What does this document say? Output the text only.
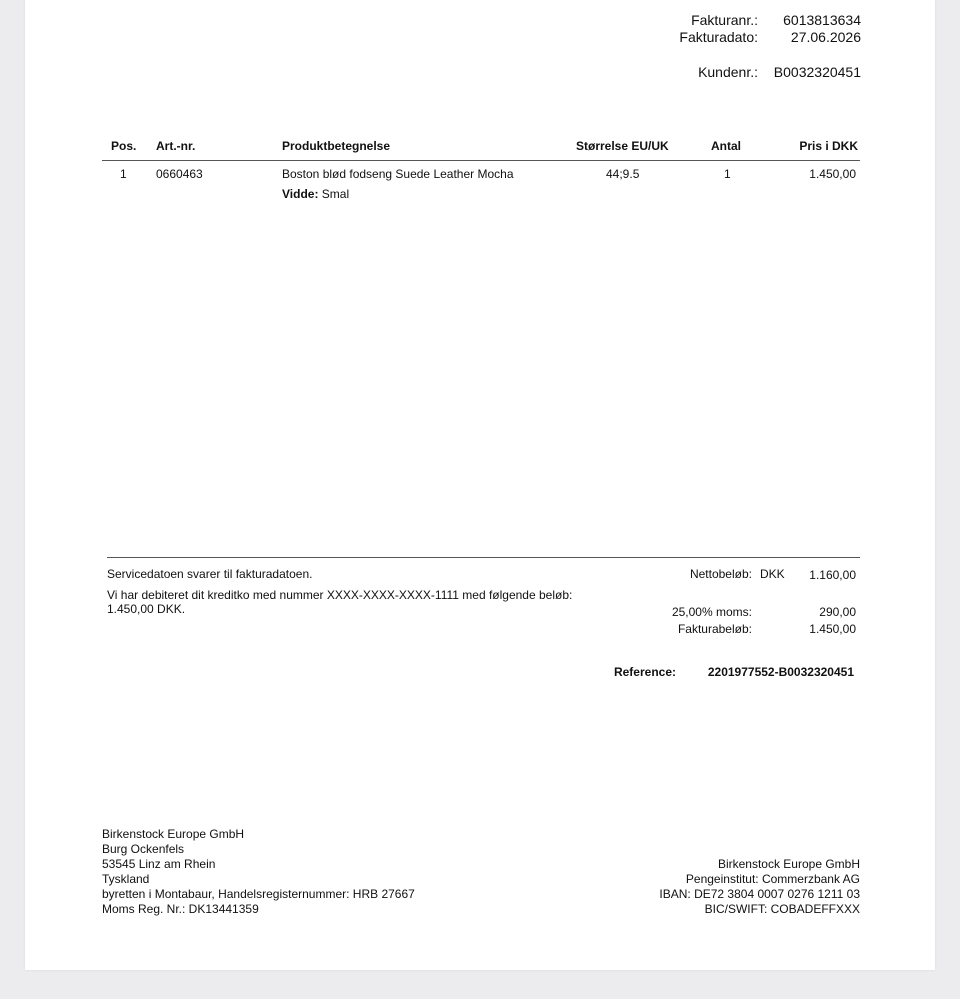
Fakturanr.: 6013813634
Fakturadato: 27.06.2026
Kundenr.: B0032320451
Pos. Art.-nr.	Produktbetegnelse	Størrelse EU/UK	Antal	Pris i DKK
1 0660463	Boston blød fodseng Suede Leather Mocha	44;9.5	1	1.450,00
Vidde: Smal
Servicedatoen svarer til fakturadatoen.
Vi har debiteret dit kreditko med nummer XXXX-XXXX-XXXX-1111 med følgende beløb:
1.450,00 DKK.
Nettobeløb: DKK 1.160,00
25,00% moms:	290,00
Fakturabeløb:	1.450,00
Reference:	2201977552-B0032320451
Birkenstock Europe GmbH
Burg Ockenfels
53545 Linz am Rhein
Tyskland
byretten i Montabaur, Handelsregisternummer: HRB 27667
Moms Reg. Nr.: DK13441359
Birkenstock Europe GmbH
Pengeinstitut: Commerzbank AG
IBAN: DE72 3804 0007 0276 1211 03
BIC/SWIFT: COBADEFFXXX
